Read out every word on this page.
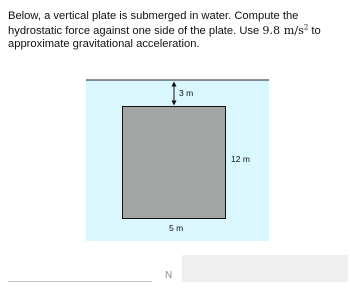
Below, a vertical plate is submerged in water. Compute the hydrostatic force against one side of the plate. Use 9.8 $m/s^2$ to approximate gravitational acceleration.
3 m
12 m
5 m
N
